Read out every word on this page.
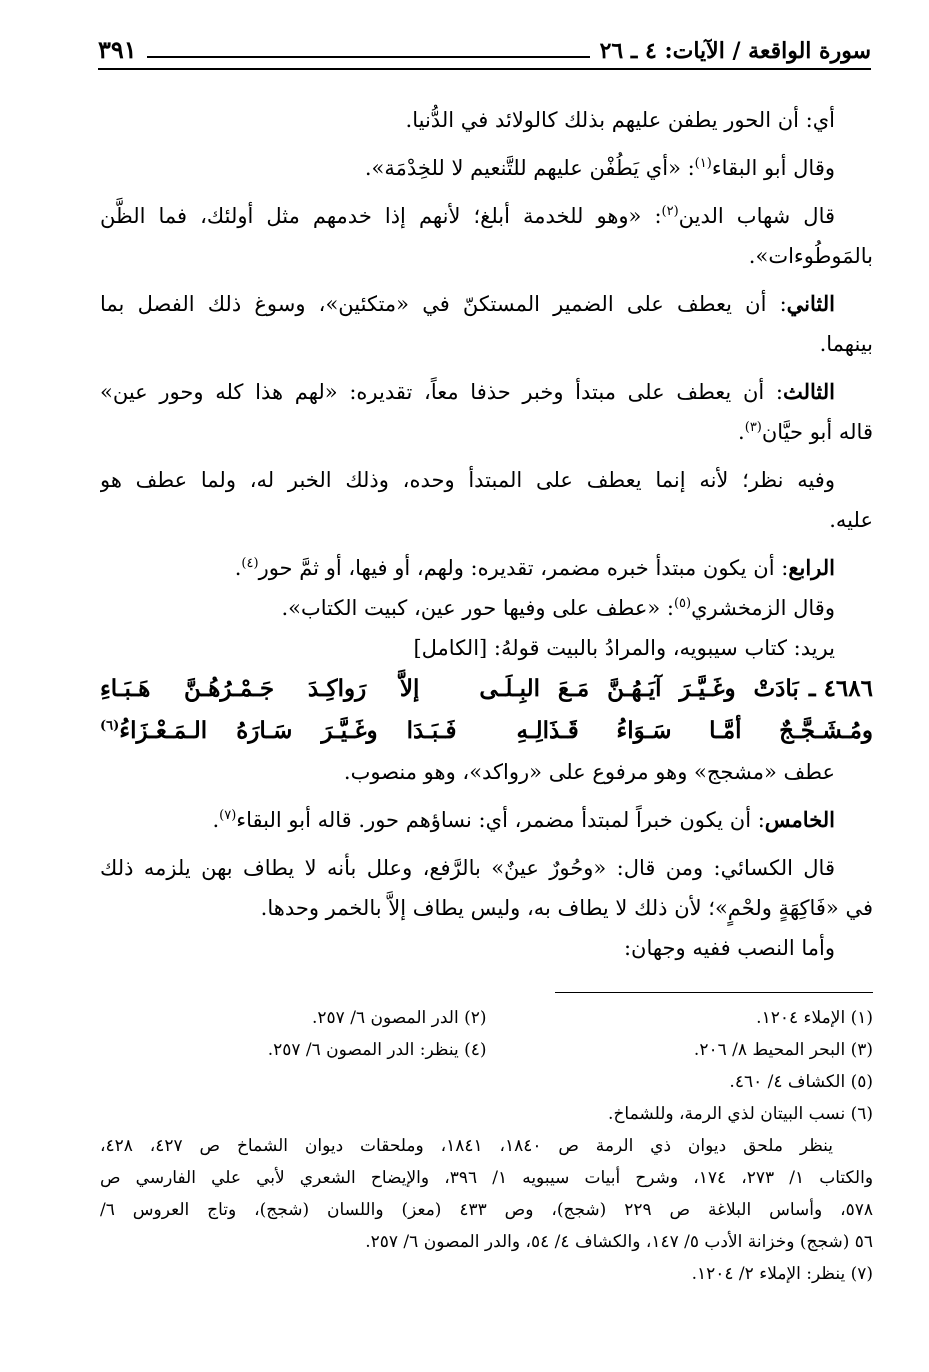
سورة الواقعة / الآيات: ٤ ـ ٢٦
٣٩١
أي: أن الحور يطفن عليهم بذلك كالولائد في الدُّنيا.
وقال أبو البقاء$^{(١)}$: «أي يَطُفْن عليهم للتَّنعيم لا للخِدْمَة».
قال شهاب الدين$^{(٢)}$: «وهو للخدمة أبلغ؛ لأنهم إذا خدمهم مثل أولئك، فما الظَّن
بالمَوطُوءات».
الثاني: أن يعطف على الضمير المستكنّ في «متكئين»، وسوغ ذلك الفصل بما
بينهما.
الثالث: أن يعطف على مبتدأ وخبر حذفا معاً، تقديره: «لهم هذا كله وحور عين»
قاله أبو حيَّان$^{(٣)}$.
وفيه نظر؛ لأنه إنما يعطف على المبتدأ وحده، وذلك الخبر له، ولما عطف هو
عليه.
الرابع: أن يكون مبتدأ خبره مضمر، تقديره: ولهم، أو فيها، أو ثمَّ حور$^{(٤)}$.
وقال الزمخشري$^{(٥)}$: «عطف على وفيها حور عين، كبيت الكتاب».
يريد: كتاب سيبويه، والمرادُ بالبيت قولهُ: [الكامل]
٤٦٨٦ ـ
بَادَتْ وغَـيَّـرَ آيَـهُـنَّ مَـعَ البِـلَـى
إلاَّ رَواكِـدَ جَـمْـرُهُـنَّ هَـبَـاءِ
ومُـشَـجَّـجٌ أمَّـا سَـوَاءُ قَـذَالِـهِ
فَـبَـدَا وغَـيَّـرَ سَـارَهُ الـمَـعْـزَاءُ$^{(٦)}$
عطف «مشجج» وهو مرفوع على «رواكد»، وهو منصوب.
الخامس: أن يكون خبراً لمبتدأ مضمر، أي: نساؤهم حور. قاله أبو البقاء$^{(٧)}$.
قال الكسائي: ومن قال: «وحُورٌ عينٌ» بالرَّفع، وعلل بأنه لا يطاف بهن يلزمه ذلك
في «فَاكِهَةٍ ولحْمٍ»؛ لأن ذلك لا يطاف به، وليس يطاف إلاَّ بالخمر وحدها.
وأما النصب ففيه وجهان:
(١) الإملاء ١٢٠٤.
(٢) الدر المصون ٦/ ٢٥٧.
(٣) البحر المحيط ٨/ ٢٠٦.
(٤) ينظر: الدر المصون ٦/ ٢٥٧.
(٥) الكشاف ٤/ ٤٦٠.
(٦) نسب البيتان لذي الرمة، وللشماخ.
ينظر ملحق ديوان ذي الرمة ص ١٨٤٠، ١٨٤١، وملحقات ديوان الشماخ ص ٤٢٧، ٤٢٨،
والكتاب ١/ ٢٧٣، ١٧٤، وشرح أبيات سيبويه ١/ ٣٩٦، والإيضاح الشعري لأبي علي الفارسي ص
٥٧٨، وأساس البلاغة ص ٢٢٩ (شجج)، وص ٤٣٣ (معز) واللسان (شجج)، وتاج العروس ٦/
٥٦ (شجج) وخزانة الأدب ٥/ ١٤٧، والكشاف ٤/ ٥٤، والدر المصون ٦/ ٢٥٧.
(٧) ينظر: الإملاء ٢/ ١٢٠٤.
